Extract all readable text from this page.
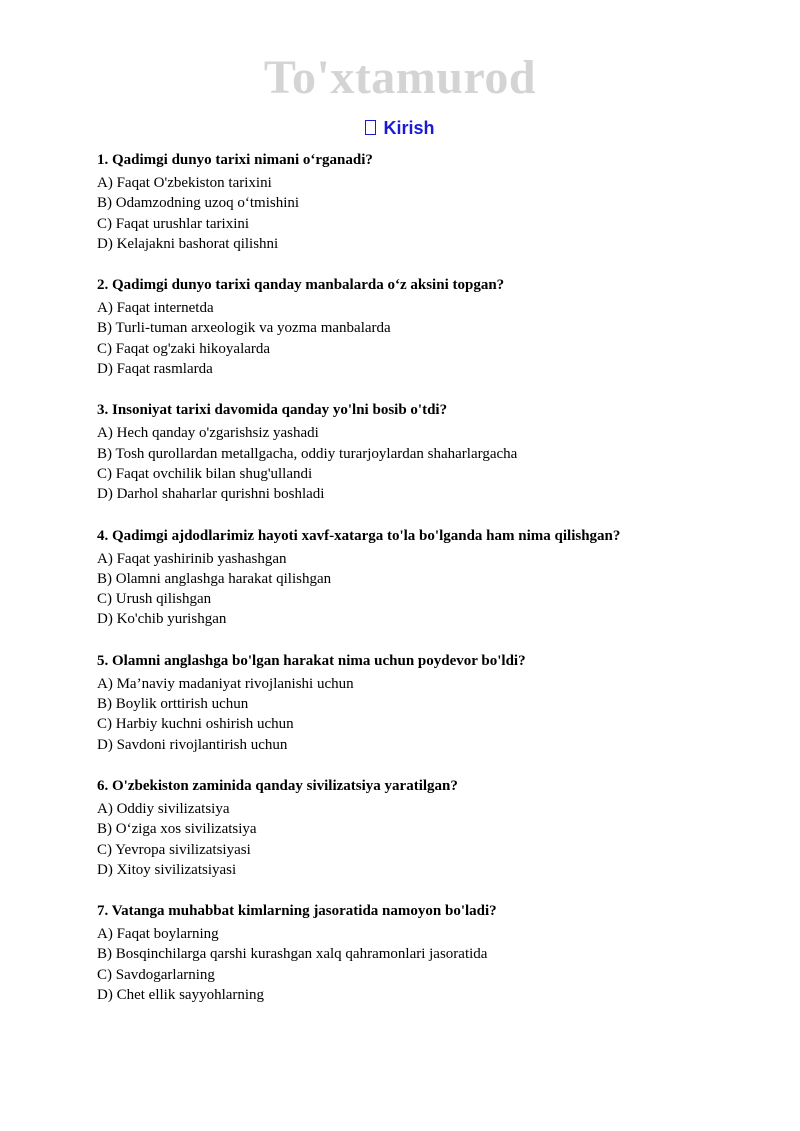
To'xtamurod
Kirish

1. Qadimgi dunyo tarixi nimani o‘rganadi?

A) Faqat O'zbekiston tarixini

B) Odamzodning uzoq o‘tmishini

C) Faqat urushlar tarixini

D) Kelajakni bashorat qilishni

2. Qadimgi dunyo tarixi qanday manbalarda o‘z aksini topgan?

A) Faqat internetda

B) Turli-tuman arxeologik va yozma manbalarda

C) Faqat og'zaki hikoyalarda

D) Faqat rasmlarda

3. Insoniyat tarixi davomida qanday yo'lni bosib o'tdi?

A) Hech qanday o'zgarishsiz yashadi

B) Tosh qurollardan metallgacha, oddiy turarjoylardan shaharlargacha

C) Faqat ovchilik bilan shug'ullandi

D) Darhol shaharlar qurishni boshladi

4. Qadimgi ajdodlarimiz hayoti xavf-xatarga to'la bo'lganda ham nima qilishgan?

A) Faqat yashirinib yashashgan

B) Olamni anglashga harakat qilishgan

C) Urush qilishgan

D) Ko'chib yurishgan

5. Olamni anglashga bo'lgan harakat nima uchun poydevor bo'ldi?

A) Ma’naviy madaniyat rivojlanishi uchun

B) Boylik orttirish uchun

C) Harbiy kuchni oshirish uchun

D) Savdoni rivojlantirish uchun

6. O'zbekiston zaminida qanday sivilizatsiya yaratilgan?

A) Oddiy sivilizatsiya

B) O‘ziga xos sivilizatsiya

C) Yevropa sivilizatsiyasi

D) Xitoy sivilizatsiyasi

7. Vatanga muhabbat kimlarning jasoratida namoyon bo'ladi?

A) Faqat boylarning

B) Bosqinchilarga qarshi kurashgan xalq qahramonlari jasoratida

C) Savdogarlarning

D) Chet ellik sayyohlarning
